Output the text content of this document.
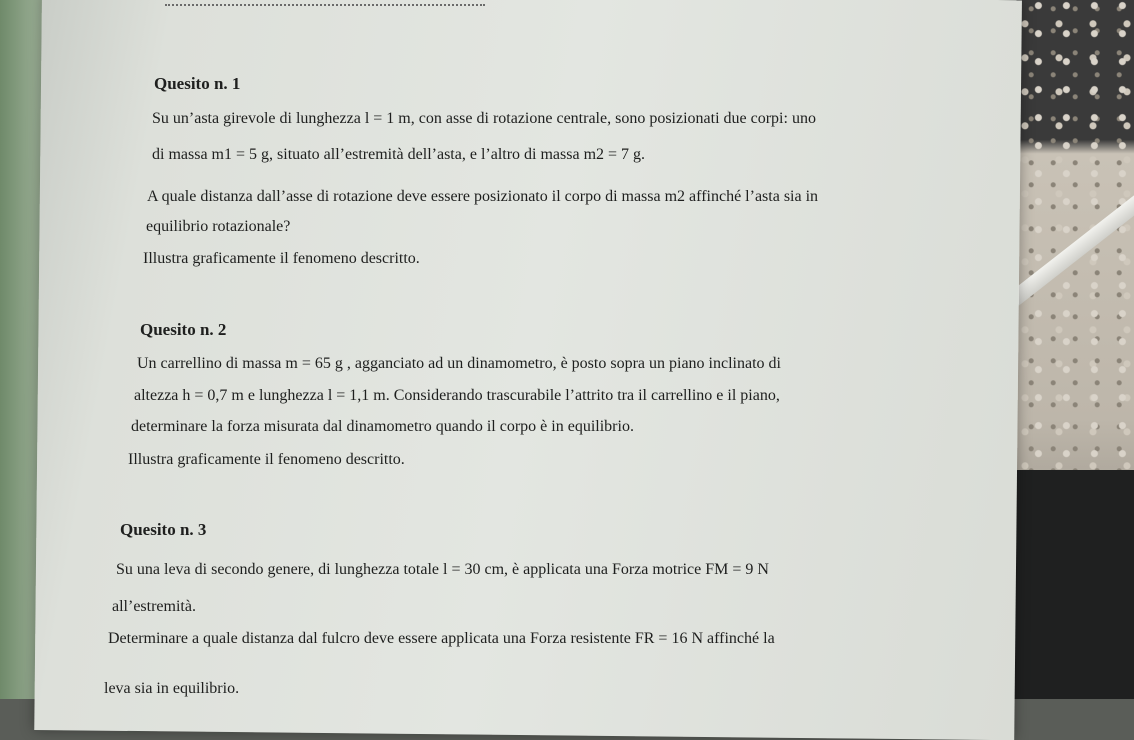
Quesito n. 1
Su un’asta girevole di lunghezza l = 1 m, con asse di rotazione centrale, sono posizionati due corpi: uno
di massa m1 = 5 g, situato all’estremità dell’asta, e l’altro di massa m2 = 7 g.
A quale distanza dall’asse di rotazione deve essere posizionato il corpo di massa m2 affinché l’asta sia in
equilibrio rotazionale?
Illustra graficamente il fenomeno descritto.
Quesito n. 2
Un carrellino di massa m = 65 g , agganciato ad un dinamometro, è posto sopra un piano inclinato di
altezza h = 0,7 m e lunghezza l = 1,1 m. Considerando trascurabile l’attrito tra il carrellino e il piano,
determinare la forza misurata dal dinamometro quando il corpo è in equilibrio.
Illustra graficamente il fenomeno descritto.
Quesito n. 3
Su una leva di secondo genere, di lunghezza totale l = 30 cm, è applicata una Forza motrice FM = 9 N
all’estremità.
Determinare a quale distanza dal fulcro deve essere applicata una Forza resistente FR = 16 N affinché la
leva sia in equilibrio.
